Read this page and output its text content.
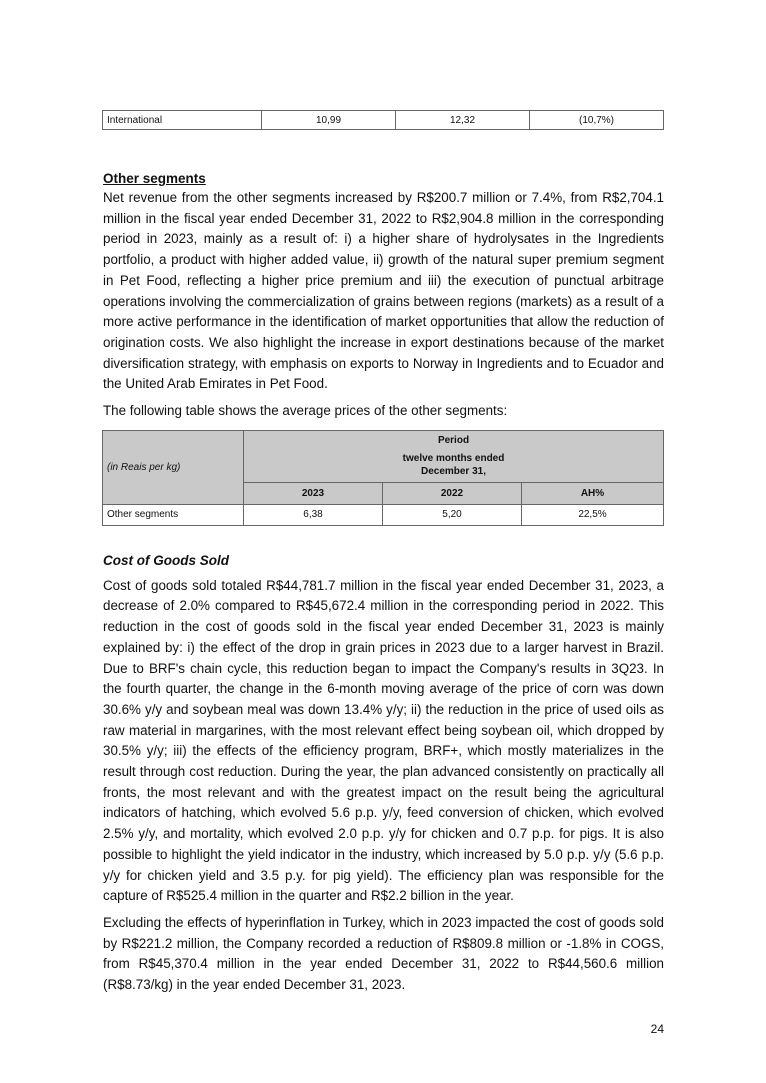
International	10,99	12,32	(10,7%)
Other segments

Net revenue from the other segments increased by R$200.7 million or 7.4%, from R$2,704.1 million in the fiscal year ended December 31, 2022 to R$2,904.8 million in the corresponding period in 2023, mainly as a result of: i) a higher share of hydrolysates in the Ingredients portfolio, a product with higher added value, ii) growth of the natural super premium segment in Pet Food, reflecting a higher price premium and iii) the execution of punctual arbitrage operations involving the commercialization of grains between regions (markets) as a result of a more active performance in the identification of market opportunities that allow the reduction of origination costs. We also highlight the increase in export destinations because of the market diversification strategy, with emphasis on exports to Norway in Ingredients and to Ecuador and the United Arab Emirates in Pet Food.

The following table shows the average prices of the other segments:

(in Reais per kg)	Period
twelve months ended
December 31,		

	2023	2022	AH%
Other segments	6,38	5,20	22,5%
Cost of Goods Sold

Cost of goods sold totaled R$44,781.7 million in the fiscal year ended December 31, 2023, a decrease of 2.0% compared to R$45,672.4 million in the corresponding period in 2022. This reduction in the cost of goods sold in the fiscal year ended December 31, 2023 is mainly explained by: i) the effect of the drop in grain prices in 2023 due to a larger harvest in Brazil. Due to BRF's chain cycle, this reduction began to impact the Company's results in 3Q23. In the fourth quarter, the change in the 6-month moving average of the price of corn was down 30.6% y/y and soybean meal was down 13.4% y/y; ii) the reduction in the price of used oils as raw material in margarines, with the most relevant effect being soybean oil, which dropped by 30.5% y/y; iii) the effects of the efficiency program, BRF+, which mostly materializes in the result through cost reduction. During the year, the plan advanced consistently on practically all fronts, the most relevant and with the greatest impact on the result being the agricultural indicators of hatching, which evolved 5.6 p.p. y/y, feed conversion of chicken, which evolved 2.5% y/y, and mortality, which evolved 2.0 p.p. y/y for chicken and 0.7 p.p. for pigs. It is also possible to highlight the yield indicator in the industry, which increased by 5.0 p.p. y/y (5.6 p.p. y/y for chicken yield and 3.5 p.y. for pig yield). The efficiency plan was responsible for the capture of R$525.4 million in the quarter and R$2.2 billion in the year.

Excluding the effects of hyperinflation in Turkey, which in 2023 impacted the cost of goods sold by R$221.2 million, the Company recorded a reduction of R$809.8 million or -1.8% in COGS, from R$45,370.4 million in the year ended December 31, 2022 to R$44,560.6 million (R$8.73/kg) in the year ended December 31, 2023.

24
